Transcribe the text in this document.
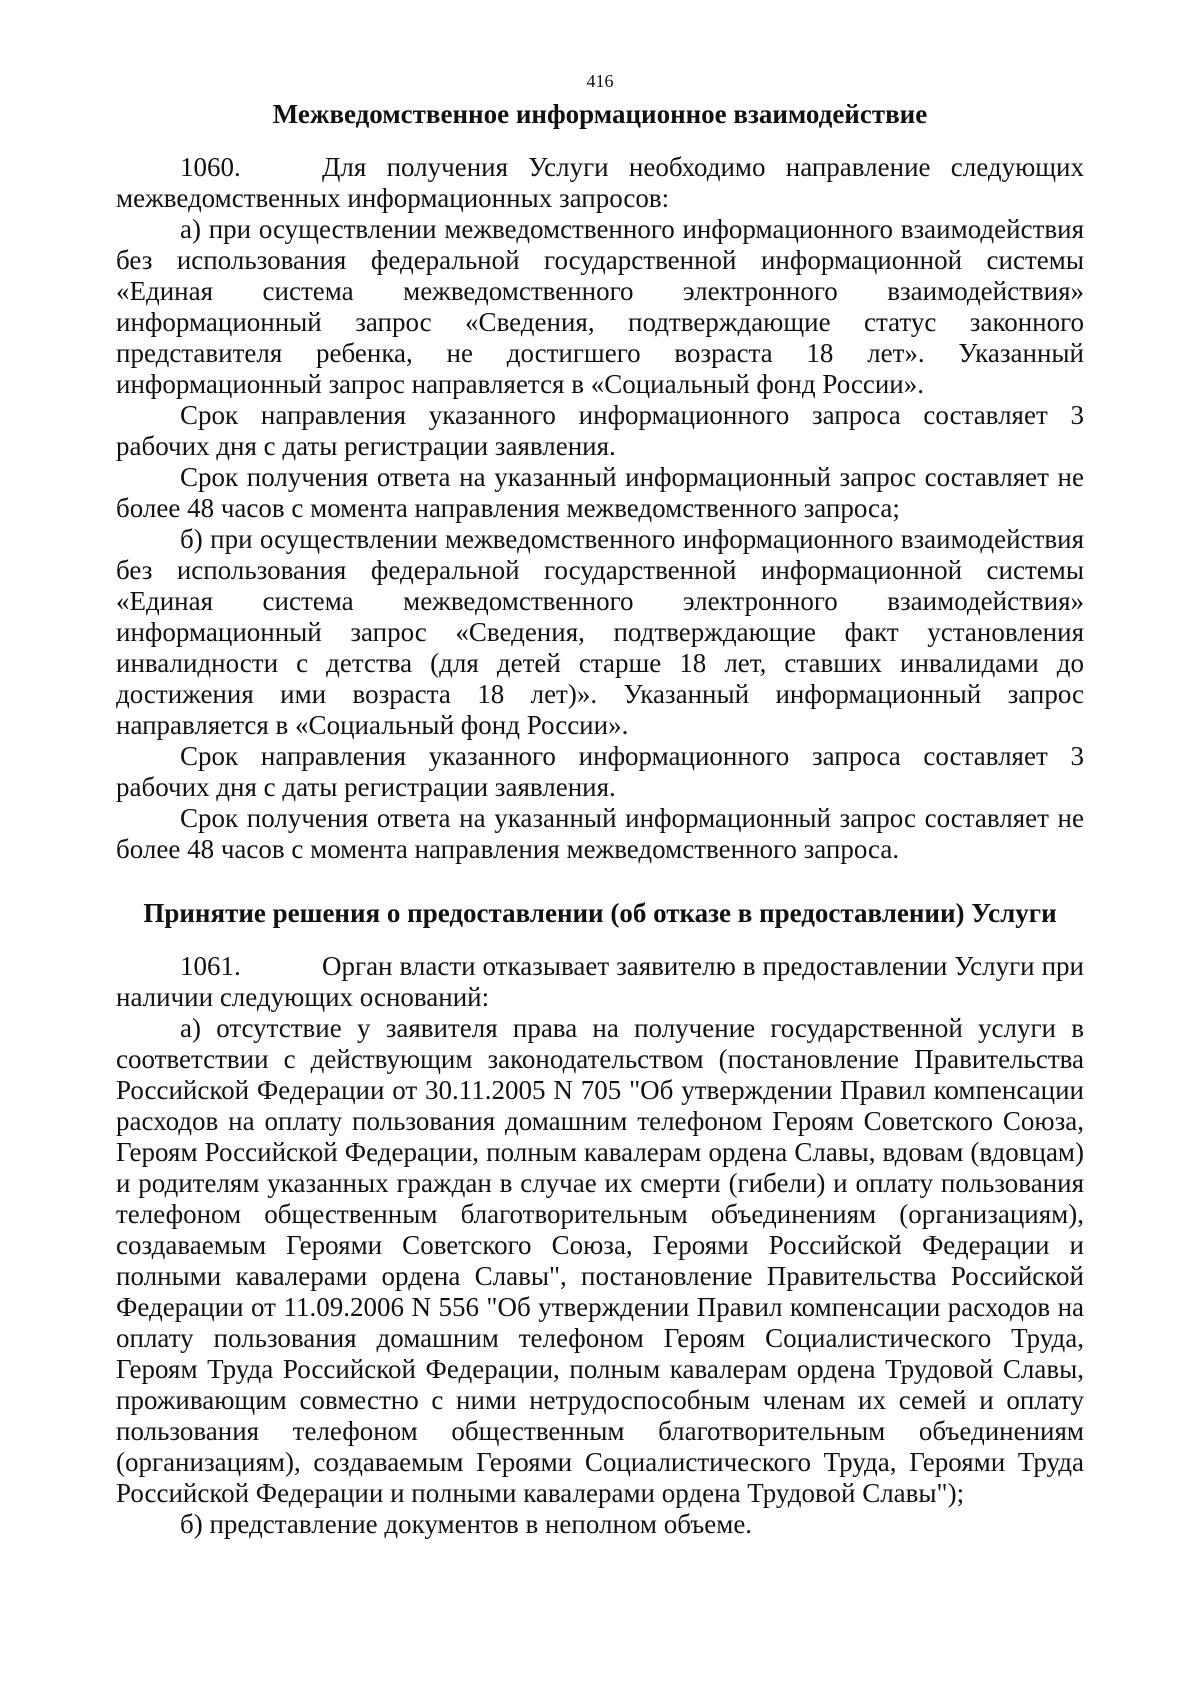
416
Межведомственное информационное взаимодействие

1060.	Для получения Услуги необходимо направление следующих межведомственных информационных запросов:

а) при осуществлении межведомственного информационного взаимодействия без использования федеральной государственной информационной системы «Единая система межведомственного электронного взаимодействия» информационный запрос «Сведения, подтверждающие статус законного представителя ребенка, не достигшего возраста 18 лет». Указанный информационный запрос направляется в «Социальный фонд России».

Срок направления указанного информационного запроса составляет 3 рабочих дня с даты регистрации заявления.

Срок получения ответа на указанный информационный запрос составляет не более 48 часов с момента направления межведомственного запроса;

б) при осуществлении межведомственного информационного взаимодействия без использования федеральной государственной информационной системы «Единая система межведомственного электронного взаимодействия» информационный запрос «Сведения, подтверждающие факт установления инвалидности с детства (для детей старше 18 лет, ставших инвалидами до достижения ими возраста 18 лет)». Указанный информационный запрос направляется в «Социальный фонд России».

Срок направления указанного информационного запроса составляет 3 рабочих дня с даты регистрации заявления.

Срок получения ответа на указанный информационный запрос составляет не более 48 часов с момента направления межведомственного запроса.

Принятие решения о предоставлении (об отказе в предоставлении) Услуги

1061.	Орган власти отказывает заявителю в предоставлении Услуги при наличии следующих оснований:

а) отсутствие у заявителя права на получение государственной услуги в соответствии с действующим законодательством (постановление Правительства Российской Федерации от 30.11.2005 N 705 "Об утверждении Правил компенсации расходов на оплату пользования домашним телефоном Героям Советского Союза, Героям Российской Федерации, полным кавалерам ордена Славы, вдовам (вдовцам) и родителям указанных граждан в случае их смерти (гибели) и оплату пользования телефоном общественным благотворительным объединениям (организациям), создаваемым Героями Советского Союза, Героями Российской Федерации и полными кавалерами ордена Славы", постановление Правительства Российской Федерации от 11.09.2006 N 556 "Об утверждении Правил компенсации расходов на оплату пользования домашним телефоном Героям Социалистического Труда, Героям Труда Российской Федерации, полным кавалерам ордена Трудовой Славы, проживающим совместно с ними нетрудоспособным членам их семей и оплату пользования телефоном общественным благотворительным объединениям (организациям), создаваемым Героями Социалистического Труда, Героями Труда Российской Федерации и полными кавалерами ордена Трудовой Славы");

б) представление документов в неполном объеме.
